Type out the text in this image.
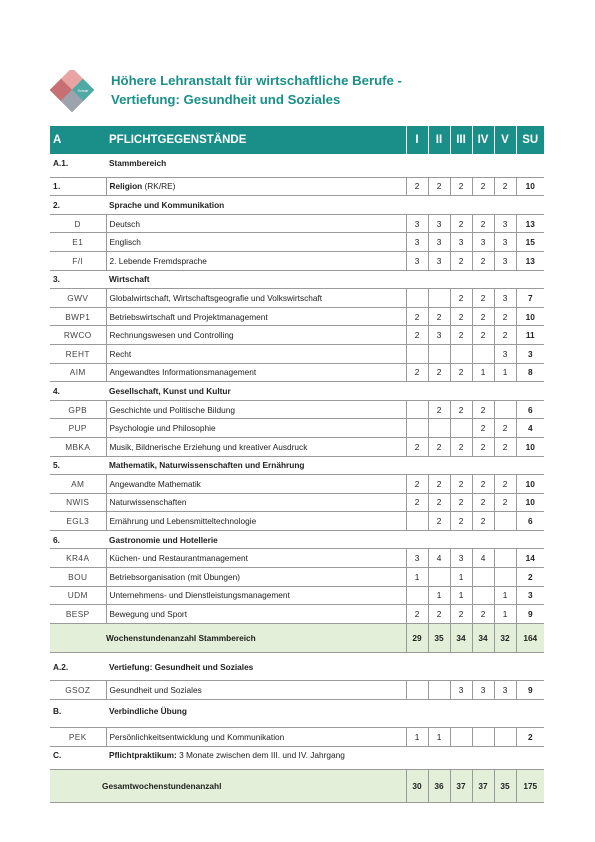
Schule
Höhere Lehranstalt für wirtschaftliche Berufe -
Vertiefung: Gesundheit und Soziales
A	PFLICHTGEGENSTÄNDE	I	II	III	IV	V	SU
A.1.	Stammbereich						

1.	Religion (RK/RE)	2	2	2	2	2	10
2.	Sprache und Kommunikation						
D	Deutsch	3	3	2	2	3	13
E1	Englisch	3	3	3	3	3	15
F/I	2. Lebende Fremdsprache	3	3	2	2	3	13
3.	Wirtschaft						
GWV	Globalwirtschaft, Wirtschaftsgeografie und Volkswirtschaft			2	2	3	7
BWP1	Betriebswirtschaft und Projektmanagement	2	2	2	2	2	10
RWCO	Rechnungswesen und Controlling	2	3	2	2	2	11
REHT	Recht					3	3
AIM	Angewandtes Informationsmanagement	2	2	2	1	1	8
4.	Gesellschaft, Kunst und Kultur						
GPB	Geschichte und Politische Bildung		2	2	2		6
PUP	Psychologie und Philosophie				2	2	4
MBKA	Musik, Bildnerische Erziehung und kreativer Ausdruck	2	2	2	2	2	10
5.	Mathematik, Naturwissenschaften und Ernährung						
AM	Angewandte Mathematik	2	2	2	2	2	10
NWIS	Naturwissenschaften	2	2	2	2	2	10
EGL3	Ernährung und Lebensmitteltechnologie		2	2	2		6
6.	Gastronomie und Hotellerie						
KR4A	Küchen- und Restaurantmanagement	3	4	3	4		14
BOU	Betriebsorganisation (mit Übungen)	1		1			2
UDM	Unternehmens- und Dienstleistungsmanagement		1	1		1	3
BESP	Bewegung und Sport	2	2	2	2	1	9
Wochenstundenanzahl Stammbereich		29	35	34	34	32	164

A.2.	Vertiefung: Gesundheit und Soziales						

GSOZ	Gesundheit und Soziales			3	3	3	9
B.	Verbindliche Übung						

PEK	Persönlichkeitsentwicklung und Kommunikation	1	1				2
C.	Pflichtpraktikum: 3 Monate zwischen dem III. und IV. Jahrgang						

Gesamtwochenstundenanzahl		30	36	37	37	35	175
